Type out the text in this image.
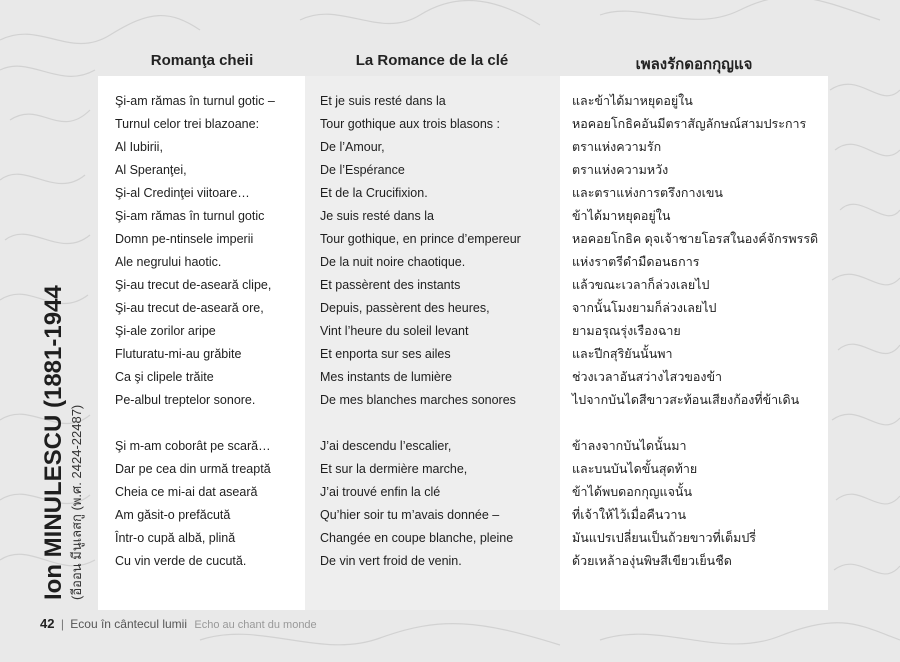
Romanţa cheii	La Romance de la clé	เพลงรักดอกกุญแจ
Şi-am rămas în turnul gotic –
Turnul celor trei blazoane:
Al Iubirii,
Al Speranţei,
Şi-al Credinţei viitoare…
Şi-am rămas în turnul gotic
Domn pe-ntinsele imperii
Ale negrului haotic.
Şi-au trecut de-aseară clipe,
Şi-au trecut de-aseară ore,
Şi-ale zorilor aripe
Fluturatu-mi-au grăbite
Ca şi clipele trăite
Pe-albul treptelor sonore.
Şi m-am coborât pe scară…
Dar pe cea din urmă treaptă
Cheia ce mi-ai dat aseară
Am găsit-o prefăcută
Într-o cupă albă, plină
Cu vin verde de cucută.
Et je suis resté dans la
Tour gothique aux trois blasons :
De l’Amour,
De l’Espérance
Et de la Crucifixion.
Je suis resté dans la
Tour gothique, en prince d’empereur
De la nuit noire chaotique.
Et passèrent des instants
Depuis, passèrent des heures,
Vint l’heure du soleil levant
Et enporta sur ses ailes
Mes instants de lumière
De mes blanches marches sonores
J’ai descendu l’escalier,
Et sur la dermière marche,
J’ai trouvé enfin la clé
Qu’hier soir tu m’avais donnée –
Changée en coupe blanche, pleine
De vin vert froid de venin.
และข้าได้มาหยุดอยู่ใน
หอคอยโกธิคอันมีตราสัญลักษณ์สามประการ
ตราแห่งความรัก
ตราแห่งความหวัง
และตราแห่งการตรึงกางเขน
ข้าได้มาหยุดอยู่ใน
หอคอยโกธิค ดุจเจ้าชายโอรสในองค์จักรพรรดิ
แห่งราตรีดำมืดอนธการ
แล้วขณะเวลาก็ล่วงเลยไป
จากนั้นโมงยามก็ล่วงเลยไป
ยามอรุณรุ่งเรืองฉาย
และปีกสุริยันนั้นพา
ช่วงเวลาอันสว่างไสวของข้า
ไปจากบันไดสีขาวสะท้อนเสียงก้องที่ข้าเดิน
ข้าลงจากบันไดนั้นมา
และบนบันไดขั้นสุดท้าย
ข้าได้พบดอกกุญแจนั้น
ที่เจ้าให้ไว้เมื่อคืนวาน
มันแปรเปลี่ยนเป็นถ้วยขาวที่เต็มปรี่
ด้วยเหล้าองุ่นพิษสีเขียวเย็นชืด
Ion MINULESCU (1881-1944 (อีออน มีนูเลสกู (พ.ศ. 2424-22487)
42 | Ecou în cântecul lumii Echo au chant du monde
